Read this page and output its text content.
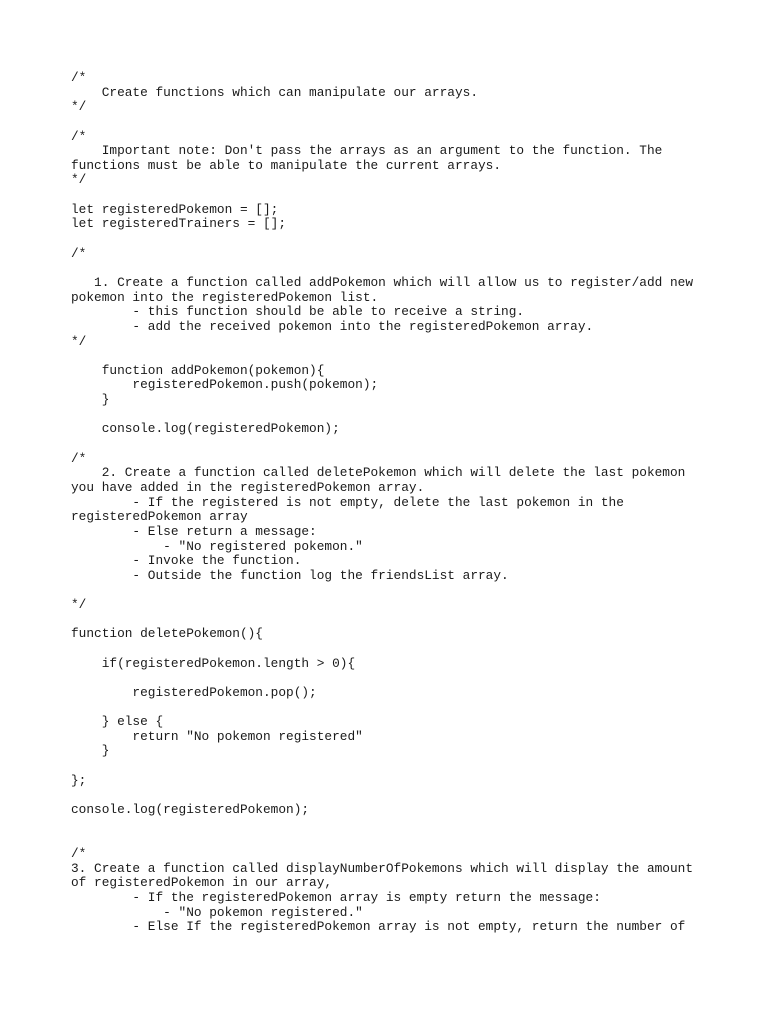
/*
Create functions which can manipulate our arrays.
*/
/*
Important note: Don't pass the arrays as an argument to the function. The
functions must be able to manipulate the current arrays.
*/
let registeredPokemon = [];
let registeredTrainers = [];
/*
1. Create a function called addPokemon which will allow us to register/add new
pokemon into the registeredPokemon list.
- this function should be able to receive a string.
- add the received pokemon into the registeredPokemon array.
*/
function addPokemon(pokemon){
registeredPokemon.push(pokemon);
}
console.log(registeredPokemon);
/*
2. Create a function called deletePokemon which will delete the last pokemon
you have added in the registeredPokemon array.
- If the registered is not empty, delete the last pokemon in the
registeredPokemon array
- Else return a message:
- "No registered pokemon."
- Invoke the function.
- Outside the function log the friendsList array.
*/
function deletePokemon(){
if(registeredPokemon.length > 0){
registeredPokemon.pop();
} else {
return "No pokemon registered"
}
};
console.log(registeredPokemon);
/*
3. Create a function called displayNumberOfPokemons which will display the amount
of registeredPokemon in our array,
- If the registeredPokemon array is empty return the message:
- "No pokemon registered."
- Else If the registeredPokemon array is not empty, return the number of
